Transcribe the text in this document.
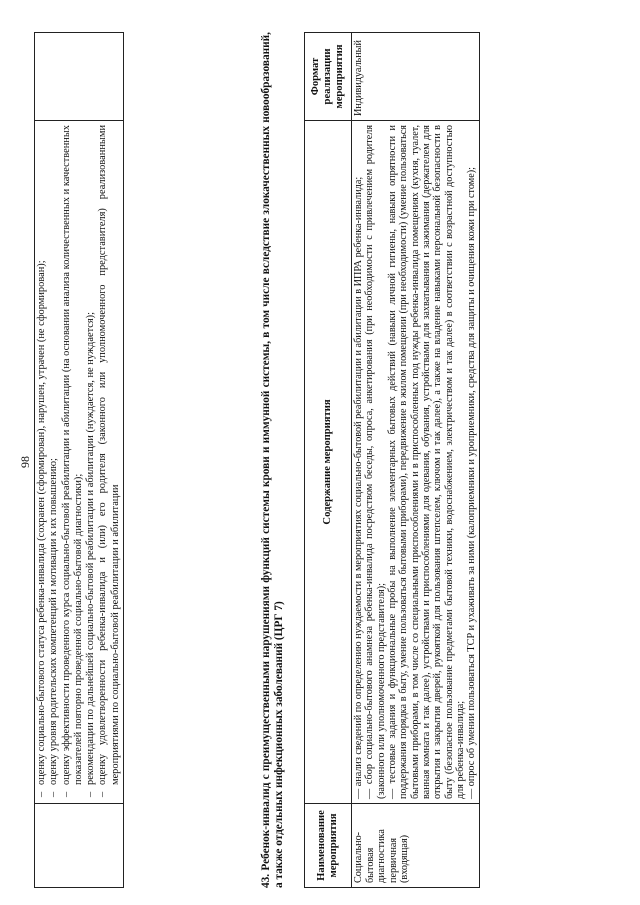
98
	– оценку социально-бытового статуса ребенка-инвалида (сохранен (сформирован), нарушен, утрачен (не сформирован); – оценку уровня родительских компетенций и мотивации к их повышению; – оценку эффективности проведенного курса социально-бытовой реабилитации и абилитации (на основании анализа количественных и качественных показателей повторно проведенной социально-бытовой диагностики); – рекомендации по дальнейшей социально-бытовой реабилитации и абилитации (нуждается, не нуждается); – оценку удовлетворенности ребенка-инвалида и (или) его родителя (законного или уполномоченного представителя) реализованными мероприятиями по социально-бытовой реабилитации и абилитации
		43. Ребенок-инвалид с преимущественными нарушениями функций системы крови и иммунной системы, в том числе вследствие злокачественных новообразований, а также отдельных инфекционных заболеваний (ЦРГ 7)	Наименование мероприятия	Содержание мероприятия	Формат реализации мероприятия
Социально-бытовая диагностика первичная (входящая)	— анализ сведений по определению нуждаемости в мероприятиях социально-бытовой реабилитации и абилитации в ИПРА ребенка-инвалида; — сбор социально-бытового анамнеза ребенка-инвалида посредством беседы, опроса, анкетирования (при необходимости с привлечением родителя (законного или уполномоченного представителя); — тестовые задания и функциональные пробы на выполнение элементарных бытовых действий (навыки личной гигиены, навыки опрятности и поддержания порядка в быту, умение пользоваться бытовыми приборами), передвижение в жилом помещении (при необходимости) (умение пользоваться бытовыми приборами, в том числе со специальными приспособлениями и в приспособленных под нужды ребенка-инвалида помещениях (кухня, туалет, ванная комната и так далее), устройствами и приспособлениями для одевания, обувания, устройствами для захватывания и зажимания (держателем для открытия и закрытия дверей, рукояткой для пользования штепселем, ключом и так далее), а также на владение навыками персональной безопасности в быту (безопасное пользование предметами бытовой техники, водоснабжением, электричеством и так далее) в соответствии с возрастной доступностью для ребенка-инвалида; — опрос об умении пользоваться ТСР и ухаживать за ними (калоприемники и уроприемники, средства для защиты и очищения кожи при стоме);	Индивидуальный
